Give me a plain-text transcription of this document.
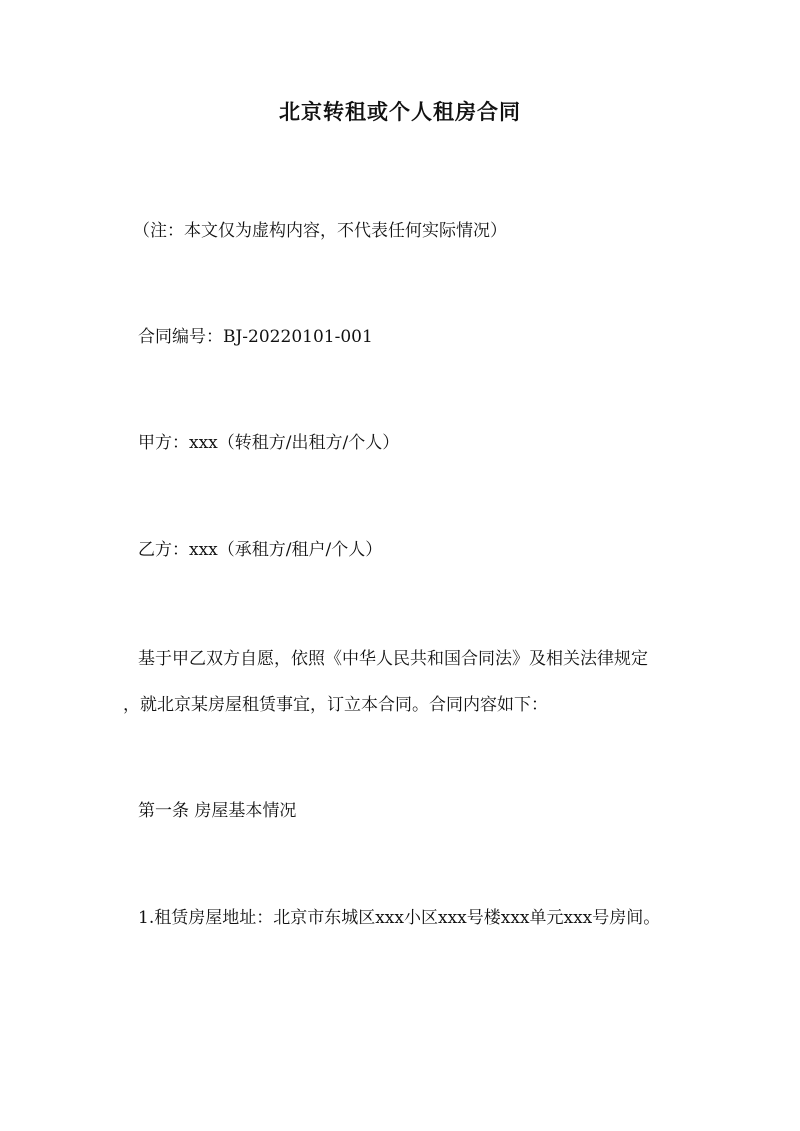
北京转租或个人租房合同
（注：本文仅为虚构内容，不代表任何实际情况）
合同编号：BJ-20220101-001
甲方：xxx（转租方/出租方/个人）
乙方：xxx（承租方/租户/个人）
基于甲乙双方自愿，依照《中华人民共和国合同法》及相关法律规定
，就北京某房屋租赁事宜，订立本合同。合同内容如下：
第一条 房屋基本情况
1.租赁房屋地址：北京市东城区xxx小区xxx号楼xxx单元xxx号房间。
